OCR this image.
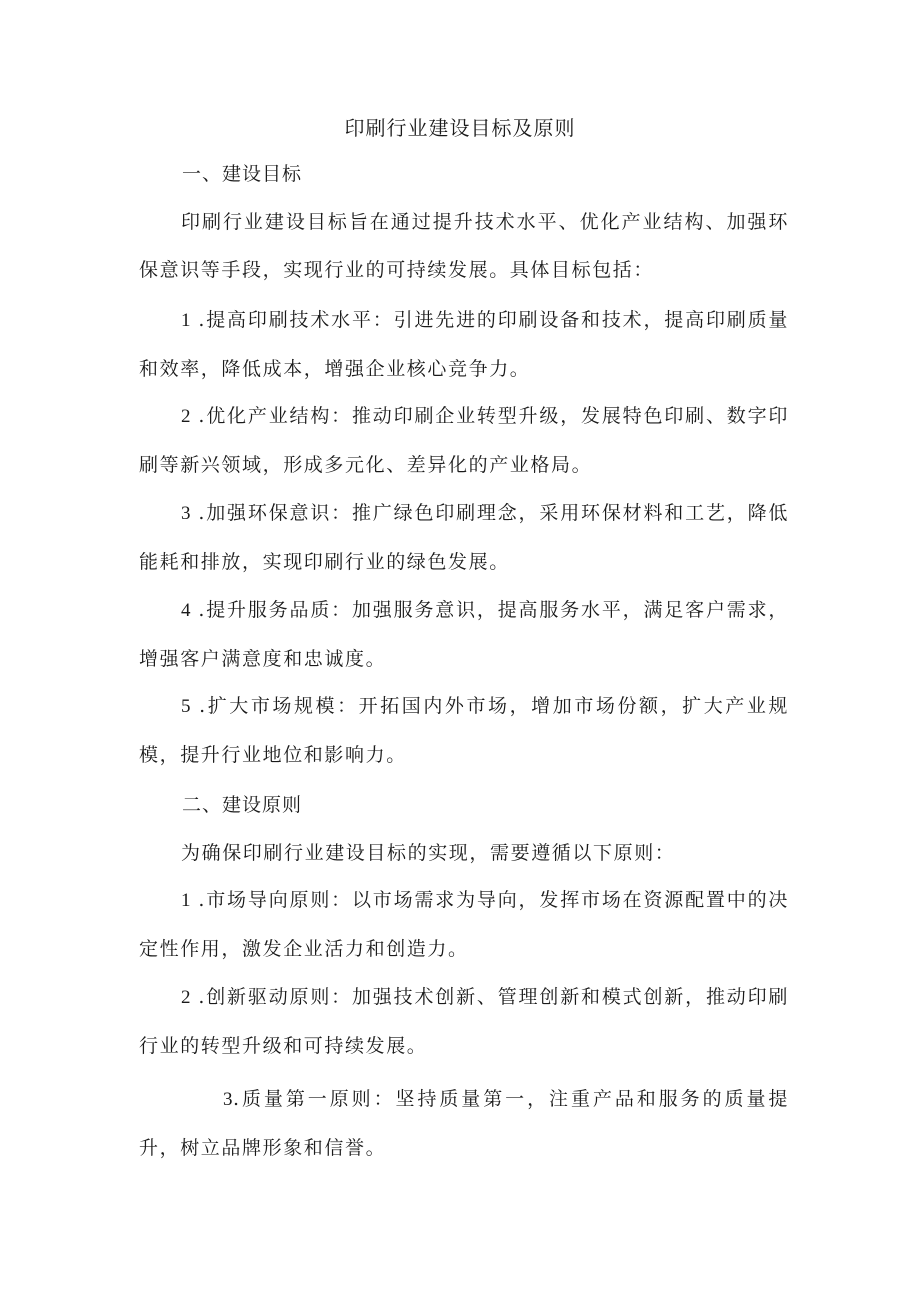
印刷行业建设目标及原则
一、建设目标

印刷行业建设目标旨在通过提升技术水平、优化产业结构、加强环保意识等手段，实现行业的可持续发展。具体目标包括：

1 .提高印刷技术水平：引进先进的印刷设备和技术，提高印刷质量和效率，降低成本，增强企业核心竞争力。

2 .优化产业结构：推动印刷企业转型升级，发展特色印刷、数字印刷等新兴领域，形成多元化、差异化的产业格局。

3 .加强环保意识：推广绿色印刷理念，采用环保材料和工艺，降低能耗和排放，实现印刷行业的绿色发展。

4 .提升服务品质：加强服务意识，提高服务水平，满足客户需求，增强客户满意度和忠诚度。

5 .扩大市场规模：开拓国内外市场，增加市场份额，扩大产业规模，提升行业地位和影响力。

二、建设原则

为确保印刷行业建设目标的实现，需要遵循以下原则：

1 .市场导向原则：以市场需求为导向，发挥市场在资源配置中的决定性作用，激发企业活力和创造力。

2 .创新驱动原则：加强技术创新、管理创新和模式创新，推动印刷行业的转型升级和可持续发展。

3.质量第一原则：坚持质量第一，注重产品和服务的质量提升，树立品牌形象和信誉。
